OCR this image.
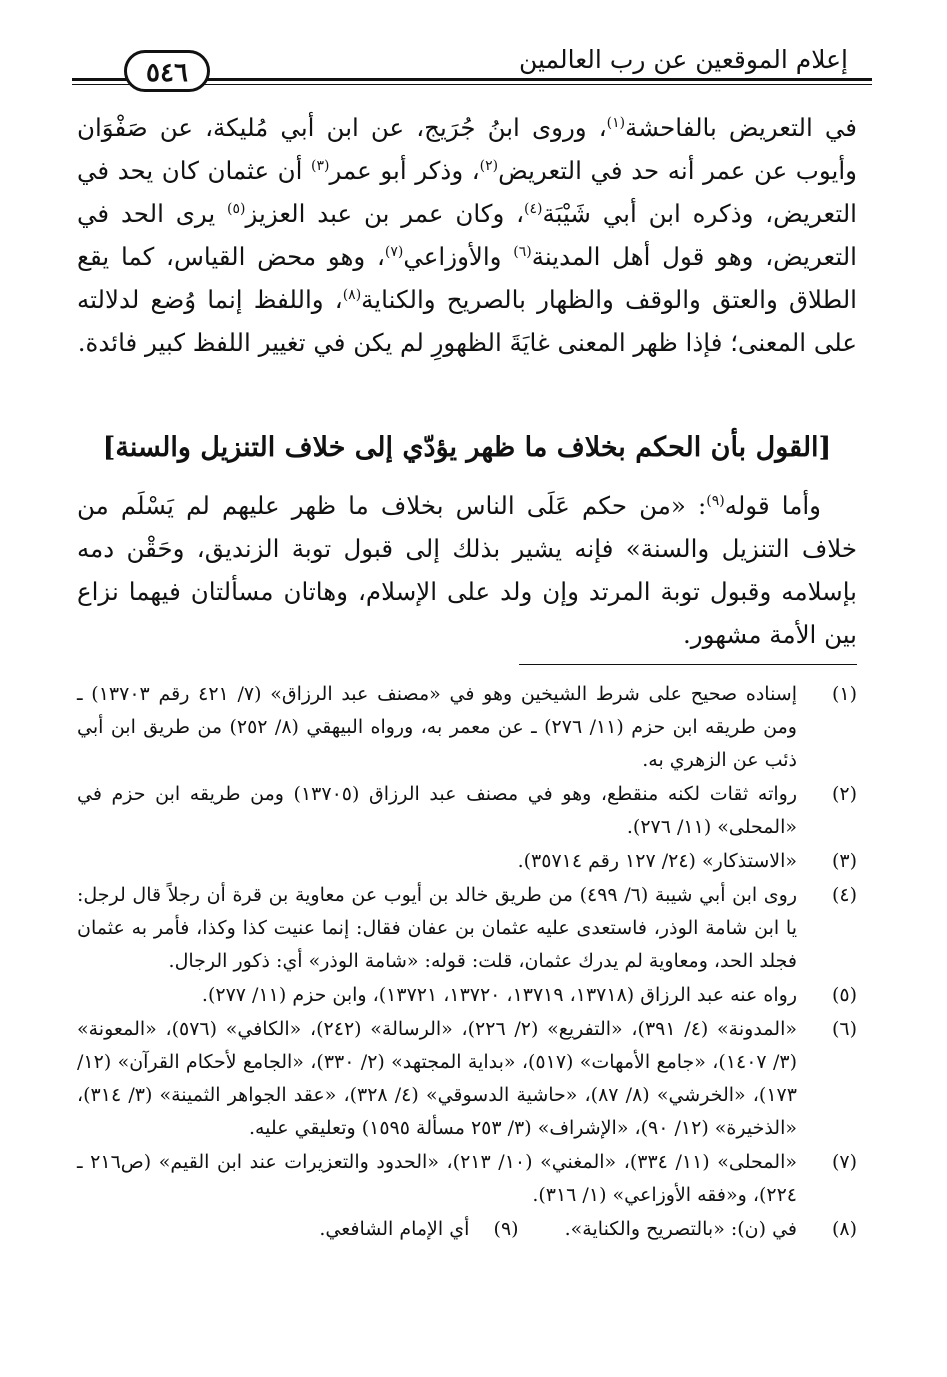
إعلام الموقعين عن رب العالمين
٥٤٦

في التعريض بالفاحشة$^{(١)}$، وروى ابنُ جُرَيج، عن ابن أبي مُليكة، عن صَفْوَان وأيوب عن عمر أنه حد في التعريض$^{(٢)}$، وذكر أبو عمر$^{(٣)}$ أن عثمان كان يحد في التعريض، وذكره ابن أبي شَيْبَة$^{(٤)}$، وكان عمر بن عبد العزيز$^{(٥)}$ يرى الحد في التعريض، وهو قول أهل المدينة$^{(٦)}$ والأوزاعي$^{(٧)}$، وهو محض القياس، كما يقع الطلاق والعتق والوقف والظهار بالصريح والكناية$^{(٨)}$، واللفظ إنما وُضع لدلالته على المعنى؛ فإذا ظهر المعنى غايَةَ الظهورِ لم يكن في تغيير اللفظ كبير فائدة.

[القول بأن الحكم بخلاف ما ظهر يؤدّي إلى خلاف التنزيل والسنة]
وأما قوله$^{(٩)}$: «من حكم عَلَى الناس بخلاف ما ظهر عليهم لم يَسْلَم من خلاف التنزيل والسنة» فإنه يشير بذلك إلى قبول توبة الزنديق، وحَقْن دمه بإسلامه وقبول توبة المرتد وإن ولد على الإسلام، وهاتان مسألتان فيهما نزاع بين الأمة مشهور.
(١)
إسناده صحيح على شرط الشيخين وهو في «مصنف عبد الرزاق» (٧/ ٤٢١ رقم ١٣٧٠٣) ـ ومن طريقه ابن حزم (١١/ ٢٧٦) ـ عن معمر به، ورواه البيهقي (٨/ ٢٥٢) من طريق ابن أبي ذئب عن الزهري به.
(٢)
رواته ثقات لكنه منقطع، وهو في مصنف عبد الرزاق (١٣٧٠٥) ومن طريقه ابن حزم في «المحلى» (١١/ ٢٧٦).
(٣)
«الاستذكار» (٢٤/ ١٢٧ رقم ٣٥٧١٤).
(٤)
روى ابن أبي شيبة (٦/ ٤٩٩) من طريق خالد بن أيوب عن معاوية بن قرة أن رجلاً قال لرجل: يا ابن شامة الوذر، فاستعدى عليه عثمان بن عفان فقال: إنما عنيت كذا وكذا، فأمر به عثمان فجلد الحد، ومعاوية لم يدرك عثمان، قلت: قوله: «شامة الوذر» أي: ذكور الرجال.
(٥)
رواه عنه عبد الرزاق (١٣٧١٨، ١٣٧١٩، ١٣٧٢٠، ١٣٧٢١)، وابن حزم (١١/ ٢٧٧).
(٦)
«المدونة» (٤/ ٣٩١)، «التفريع» (٢/ ٢٢٦)، «الرسالة» (٢٤٢)، «الكافي» (٥٧٦)، «المعونة» (٣/ ١٤٠٧)، «جامع الأمهات» (٥١٧)، «بداية المجتهد» (٢/ ٣٣٠)، «الجامع لأحكام القرآن» (١٢/ ١٧٣)، «الخرشي» (٨/ ٨٧)، «حاشية الدسوقي» (٤/ ٣٢٨)، «عقد الجواهر الثمينة» (٣/ ٣١٤)، «الذخيرة» (١٢/ ٩٠)، «الإشراف» (٣/ ٢٥٣ مسألة ١٥٩٥) وتعليقي عليه.
(٧)
«المحلى» (١١/ ٣٣٤)، «المغني» (١٠/ ٢١٣)، «الحدود والتعزيرات عند ابن القيم» (ص٢١٦ ـ ٢٢٤)، و«فقه الأوزاعي» (١/ ٣١٦).
(٨)
في (ن): «بالتصريح والكناية». (٩)    أي الإمام الشافعي.
